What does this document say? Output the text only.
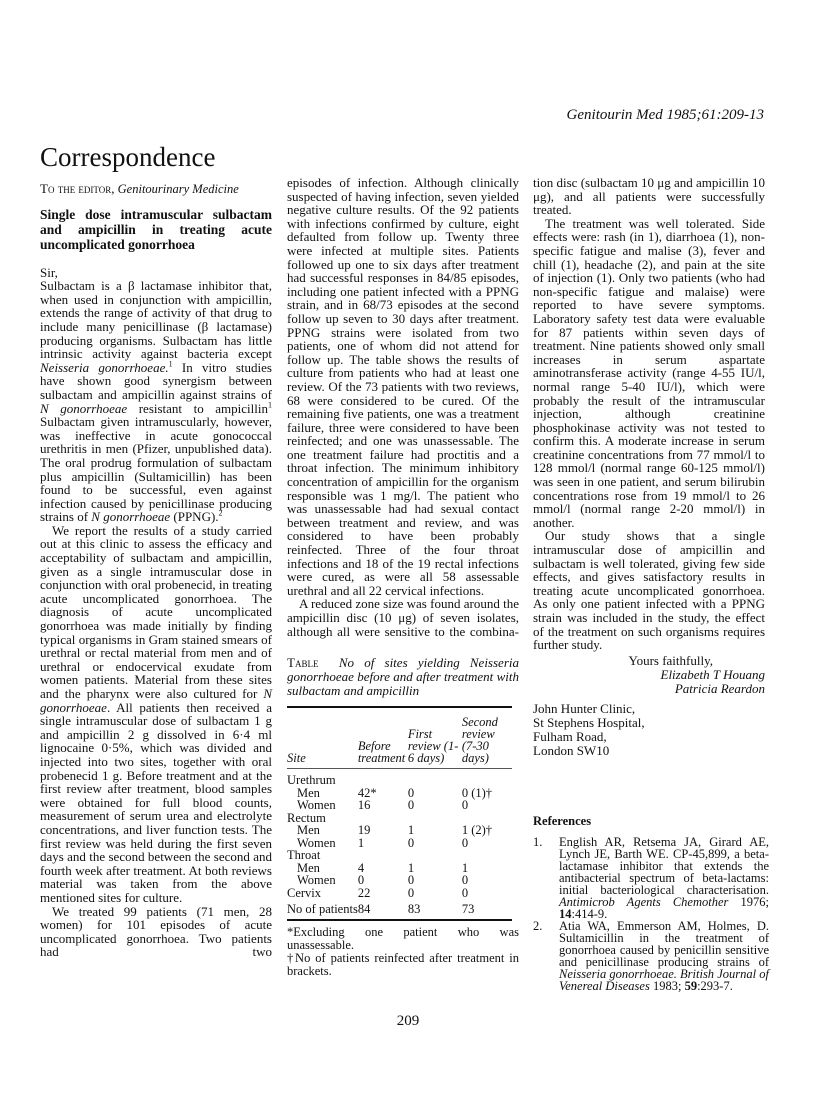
Genitourin Med 1985;61:209-13
Correspondence

To the editor, Genitourinary Medicine

Single dose intramuscular sulbactam and ampicillin in treating acute uncomplicated gonorrhoea

Sir,

Sulbactam is a β lactamase inhibitor that, when used in conjunction with ampicillin, extends the range of activity of that drug to include many penicillinase (β lactamase) producing organisms. Sulbactam has little intrinsic activity against bacteria except Neisseria gonorrhoeae.$^1$ In vitro studies have shown good synergism between sulbactam and ampicillin against strains of N gonorrhoeae resistant to ampicillin$^1$ Sulbactam given intramuscularly, however, was ineffective in acute gonococcal urethritis in men (Pfizer, unpublished data). The oral prodrug formulation of sulbactam plus ampicillin (Sultamicillin) has been found to be successful, even against infection caused by penicillinase producing strains of N gonorrhoeae (PPNG).$^2$

We report the results of a study carried out at this clinic to assess the efficacy and acceptability of sulbactam and ampicillin, given as a single intramuscular dose in conjunction with oral probenecid, in treating acute uncomplicated gonorrhoea. The diagnosis of acute uncomplicated gonorrhoea was made initially by finding typical organisms in Gram stained smears of urethral or rectal material from men and of urethral or endocervical exudate from women patients. Material from these sites and the pharynx were also cultured for N gonorrhoeae. All patients then received a single intramuscular dose of sulbactam 1 g and ampicillin 2 g dissolved in 6·4 ml lignocaine 0·5%, which was divided and injected into two sites, together with oral probenecid 1 g. Before treatment and at the first review after treatment, blood samples were obtained for full blood counts, measurement of serum urea and electrolyte concentrations, and liver function tests. The first review was held during the first seven days and the second between the second and fourth week after treatment. At both reviews material was taken from the above mentioned sites for culture.

We treated 99 patients (71 men, 28 women) for 101 episodes of acute uncomplicated gonorrhoea. Two patients had two

episodes of infection. Although clinically suspected of having infection, seven yielded negative culture results. Of the 92 patients with infections confirmed by culture, eight defaulted from follow up. Twenty three were infected at multiple sites. Patients followed up one to six days after treatment had successful responses in 84/85 episodes, including one patient infected with a PPNG strain, and in 68/73 episodes at the second follow up seven to 30 days after treatment. PPNG strains were isolated from two patients, one of whom did not attend for follow up. The table shows the results of culture from patients who had at least one review. Of the 73 patients with two reviews, 68 were considered to be cured. Of the remaining five patients, one was a treatment failure, three were considered to have been reinfected; and one was unassessable. The one treatment failure had proctitis and a throat infection. The minimum inhibitory concentration of ampicillin for the organism responsible was 1 mg/l. The patient who was unassessable had had sexual contact between treatment and review, and was considered to have been probably reinfected. Three of the four throat infections and 18 of the 19 rectal infections were cured, as were all 58 assessable urethral and all 22 cervical infections.

A reduced zone size was found around the ampicillin disc (10 μg) of seven isolates, although all were sensitive to the combina-

Table No of sites yielding Neisseria gonorrhoeae before and after treatment with sulbactam and ampicillin
Site	Before treatment	First review (1-6 days)	Second review (7-30 days)
Urethrum			
Men	42*	0	0 (1)†
Women	16	0	0
Rectum			
Men	19	1	1 (2)†
Women	1	0	0
Throat			
Men	4	1	1
Women	0	0	0
Cervix	22	0	0
No of patients	84	83	73
*Excluding one patient who was unassessable.
†No of patients reinfected after treatment in brackets.
209

tion disc (sulbactam 10 μg and ampicillin 10 μg), and all patients were successfully treated.

The treatment was well tolerated. Side effects were: rash (in 1), diarrhoea (1), non-specific fatigue and malise (3), fever and chill (1), headache (2), and pain at the site of injection (1). Only two patients (who had non-specific fatigue and malaise) were reported to have severe symptoms. Laboratory safety test data were evaluable for 87 patients within seven days of treatment. Nine patients showed only small increases in serum aspartate aminotransferase activity (range 4-55 IU/l, normal range 5-40 IU/l), which were probably the result of the intramuscular injection, although creatinine phosphokinase activity was not tested to confirm this. A moderate increase in serum creatinine concentrations from 77 mmol/l to 128 mmol/l (normal range 60-125 mmol/l) was seen in one patient, and serum bilirubin concentrations rose from 19 mmol/l to 26 mmol/l (normal range 2-20 mmol/l) in another.

Our study shows that a single intramuscular dose of ampicillin and sulbactam is well tolerated, giving few side effects, and gives satisfactory results in treating acute uncomplicated gonorrhoea. As only one patient infected with a PPNG strain was included in the study, the effect of the treatment on such organisms requires further study.

Yours faithfully,
Elizabeth T Houang
Patricia Reardon
John Hunter Clinic,
St Stephens Hospital,
Fulham Road,
London SW10

References

1.	English AR, Retsema JA, Girard AE, Lynch JE, Barth WE. CP-45,899, a beta-lactamase inhibitor that extends the antibacterial spectrum of beta-lactams: initial bacteriological characterisation. Antimicrob Agents Chemother 1976; 14:414-9.
2.	Atia WA, Emmerson AM, Holmes, D. Sultamicillin in the treatment of gonorrhoea caused by penicillin sensitive and penicillinase producing strains of Neisseria gonorrhoeae. British Journal of Venereal Diseases 1983; 59:293-7.
